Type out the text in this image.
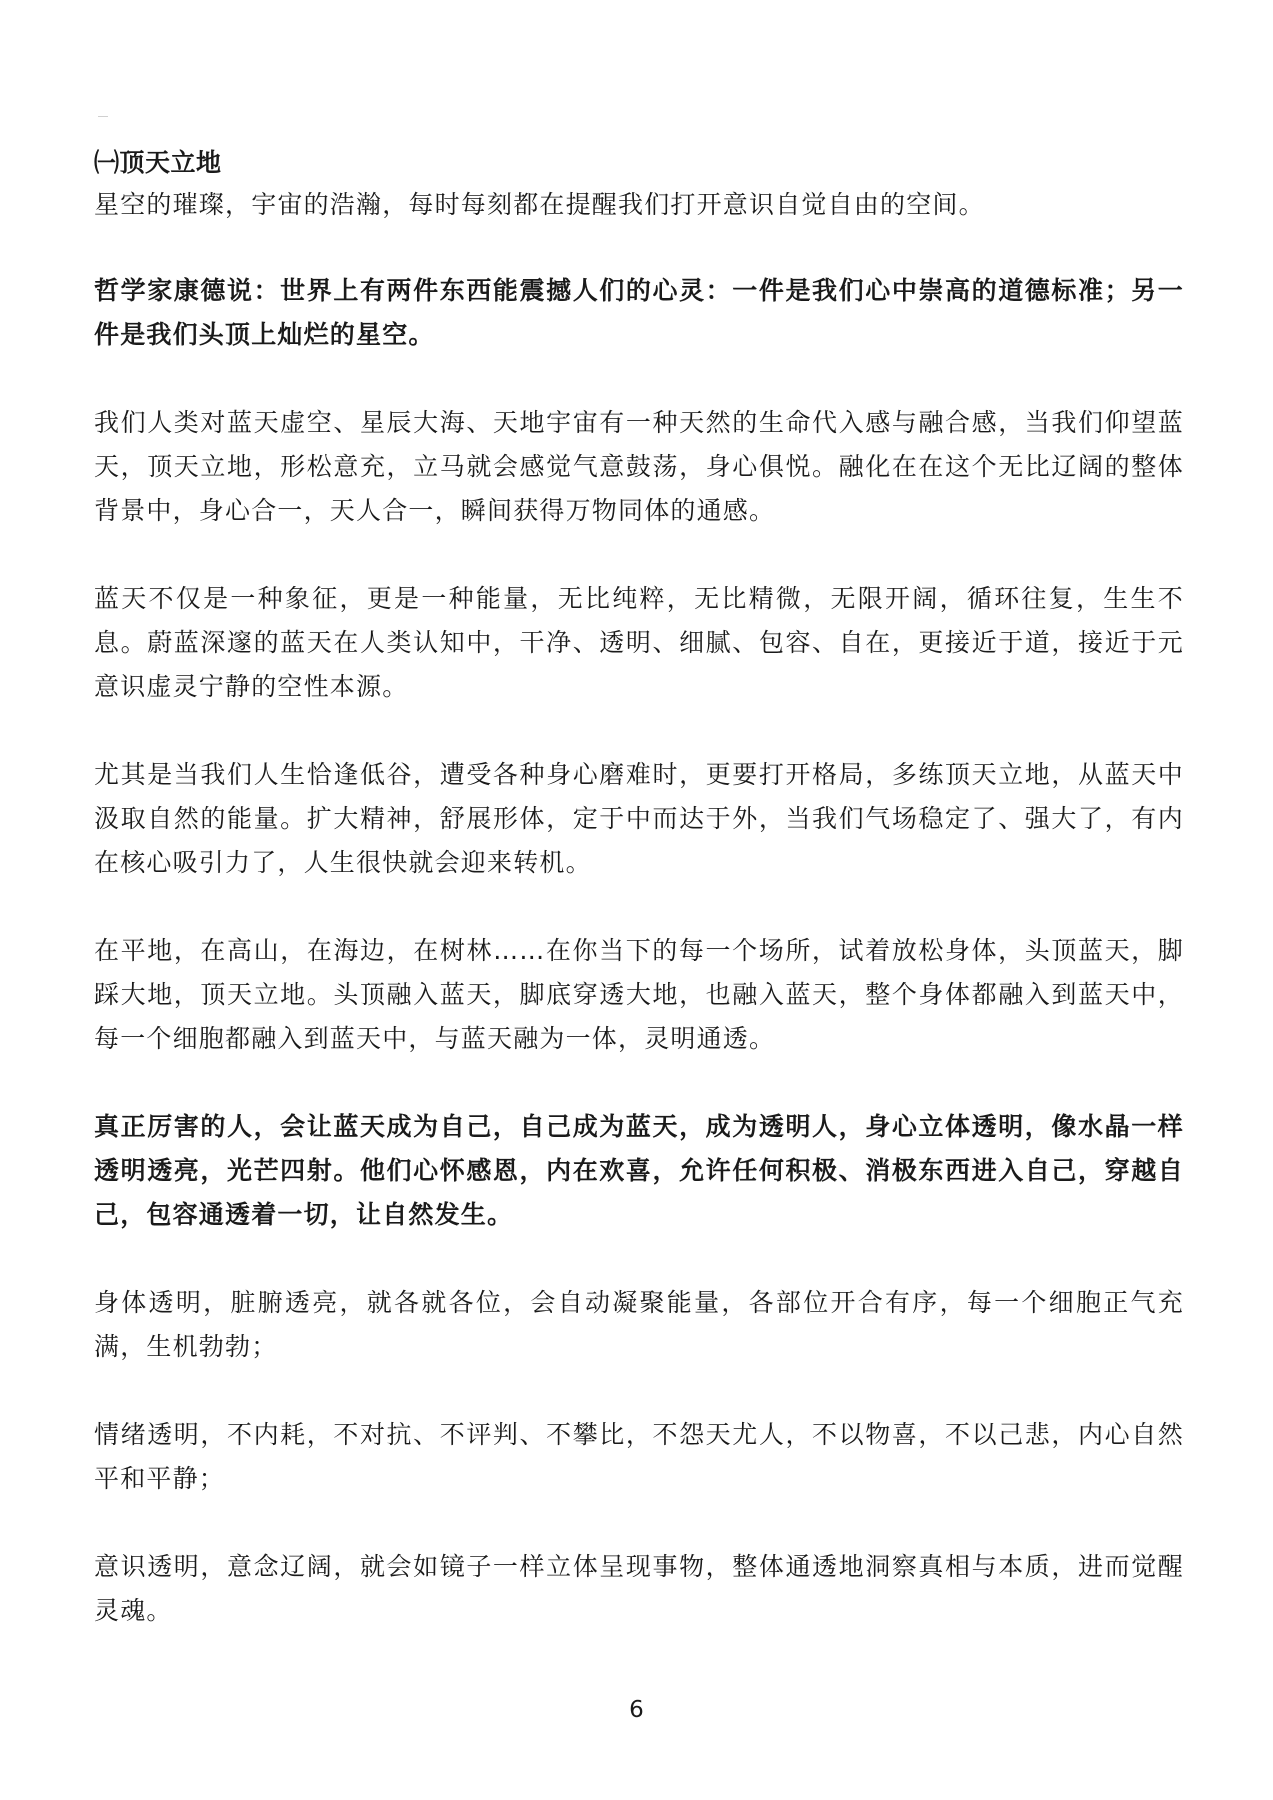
㈠顶天立地

星空的璀璨，宇宙的浩瀚，每时每刻都在提醒我们打开意识自觉自由的空间。

哲学家康德说：世界上有两件东西能震撼人们的心灵：一件是我们心中崇高的道德标准；另一件是我们头顶上灿烂的星空。

我们人类对蓝天虚空、星辰大海、天地宇宙有一种天然的生命代入感与融合感，当我们仰望蓝天，顶天立地，形松意充，立马就会感觉气意鼓荡，身心俱悦。融化在在这个无比辽阔的整体背景中，身心合一，天人合一，瞬间获得万物同体的通感。

蓝天不仅是一种象征，更是一种能量，无比纯粹，无比精微，无限开阔，循环往复，生生不息。蔚蓝深邃的蓝天在人类认知中，干净、透明、细腻、包容、自在，更接近于道，接近于元意识虚灵宁静的空性本源。

尤其是当我们人生恰逢低谷，遭受各种身心磨难时，更要打开格局，多练顶天立地，从蓝天中汲取自然的能量。扩大精神，舒展形体，定于中而达于外，当我们气场稳定了、强大了，有内在核心吸引力了，人生很快就会迎来转机。

在平地，在高山，在海边，在树林……在你当下的每一个场所，试着放松身体，头顶蓝天，脚踩大地，顶天立地。头顶融入蓝天，脚底穿透大地，也融入蓝天，整个身体都融入到蓝天中，每一个细胞都融入到蓝天中，与蓝天融为一体，灵明通透。

真正厉害的人，会让蓝天成为自己，自己成为蓝天，成为透明人，身心立体透明，像水晶一样透明透亮，光芒四射。他们心怀感恩，内在欢喜，允许任何积极、消极东西进入自己，穿越自己，包容通透着一切，让自然发生。

身体透明，脏腑透亮，就各就各位，会自动凝聚能量，各部位开合有序，每一个细胞正气充满，生机勃勃；

情绪透明，不内耗，不对抗、不评判、不攀比，不怨天尤人，不以物喜，不以己悲，内心自然平和平静；

意识透明，意念辽阔，就会如镜子一样立体呈现事物，整体通透地洞察真相与本质，进而觉醒灵魂。

6
